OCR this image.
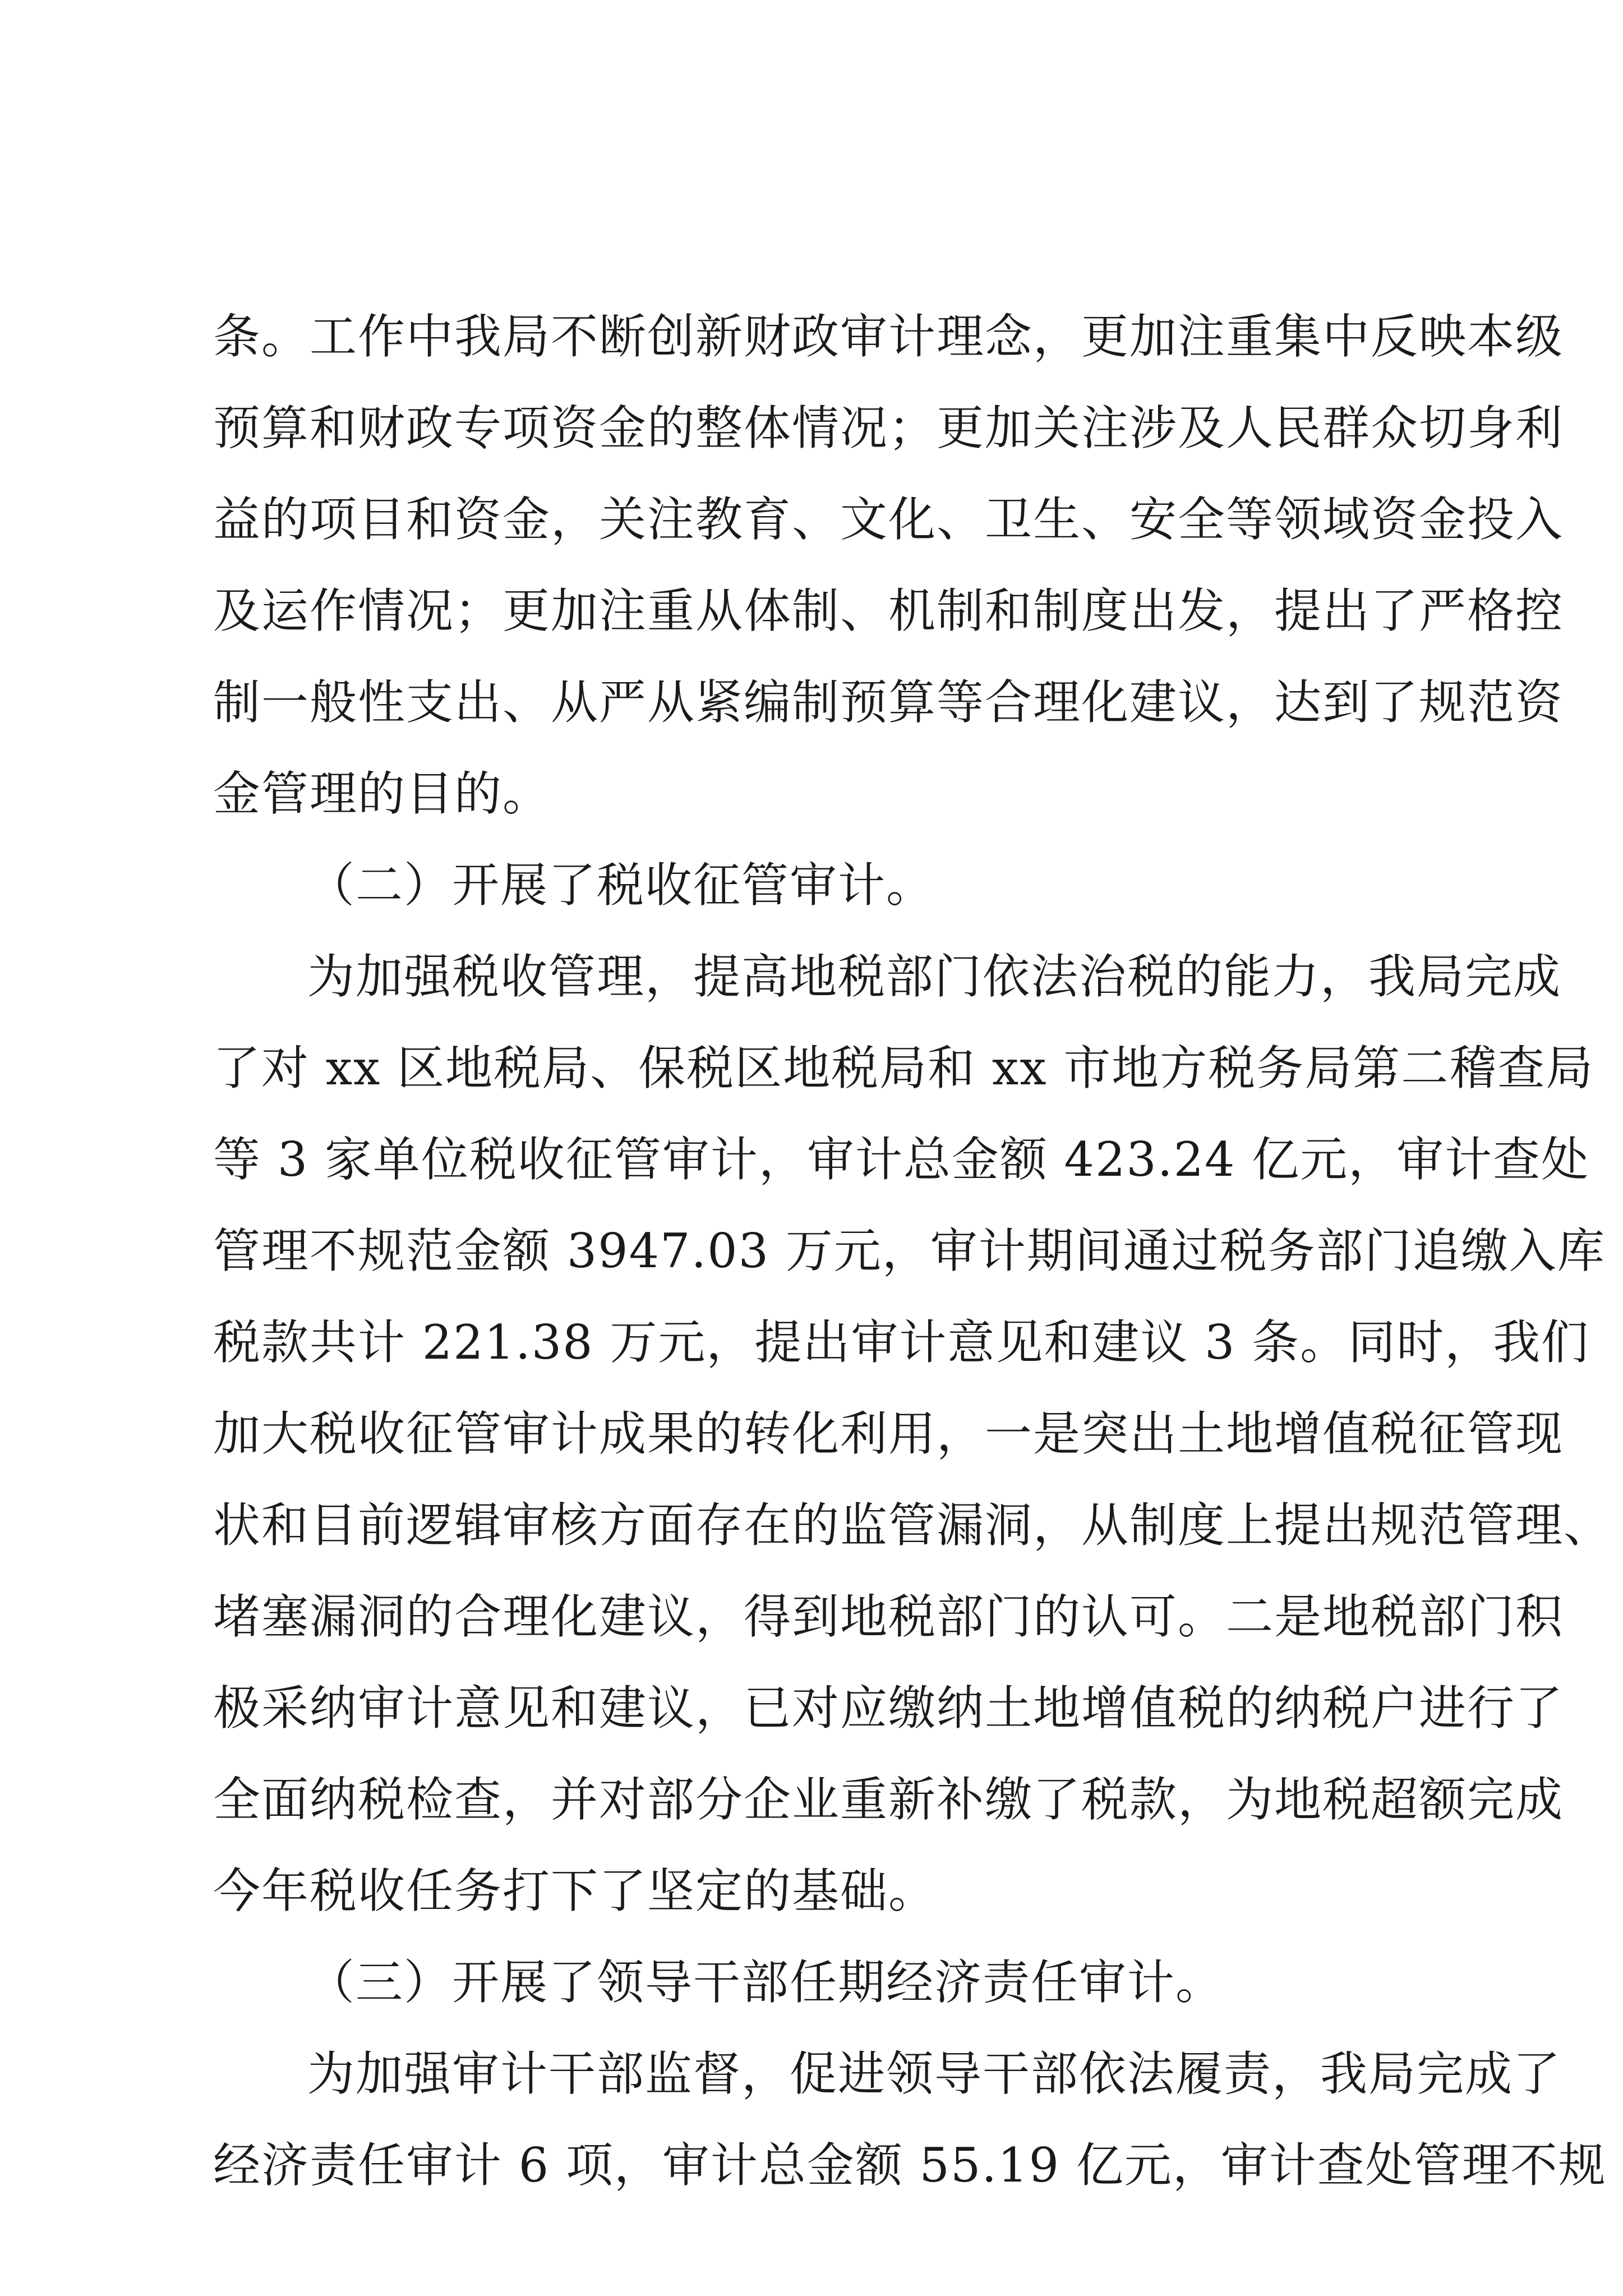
条。工作中我局不断创新财政审计理念，更加注重集中反映本级
预算和财政专项资金的整体情况；更加关注涉及人民群众切身利
益的项目和资金，关注教育、文化、卫生、安全等领域资金投入
及运作情况；更加注重从体制、机制和制度出发，提出了严格控
制一般性支出、从严从紧编制预算等合理化建议，达到了规范资
金管理的目的。
（二）开展了税收征管审计。
为加强税收管理，提高地税部门依法治税的能力，我局完成
了对 xx 区地税局、保税区地税局和 xx 市地方税务局第二稽查局
等 3 家单位税收征管审计，审计总金额 423.24 亿元，审计查处
管理不规范金额 3947.03 万元，审计期间通过税务部门追缴入库
税款共计 221.38 万元，提出审计意见和建议 3 条。同时，我们
加大税收征管审计成果的转化利用，一是突出土地增值税征管现
状和目前逻辑审核方面存在的监管漏洞，从制度上提出规范管理、
堵塞漏洞的合理化建议，得到地税部门的认可。二是地税部门积
极采纳审计意见和建议，已对应缴纳土地增值税的纳税户进行了
全面纳税检查，并对部分企业重新补缴了税款，为地税超额完成
今年税收任务打下了坚定的基础。
（三）开展了领导干部任期经济责任审计。
为加强审计干部监督，促进领导干部依法履责，我局完成了
经济责任审计 6 项，审计总金额 55.19 亿元，审计查处管理不规
